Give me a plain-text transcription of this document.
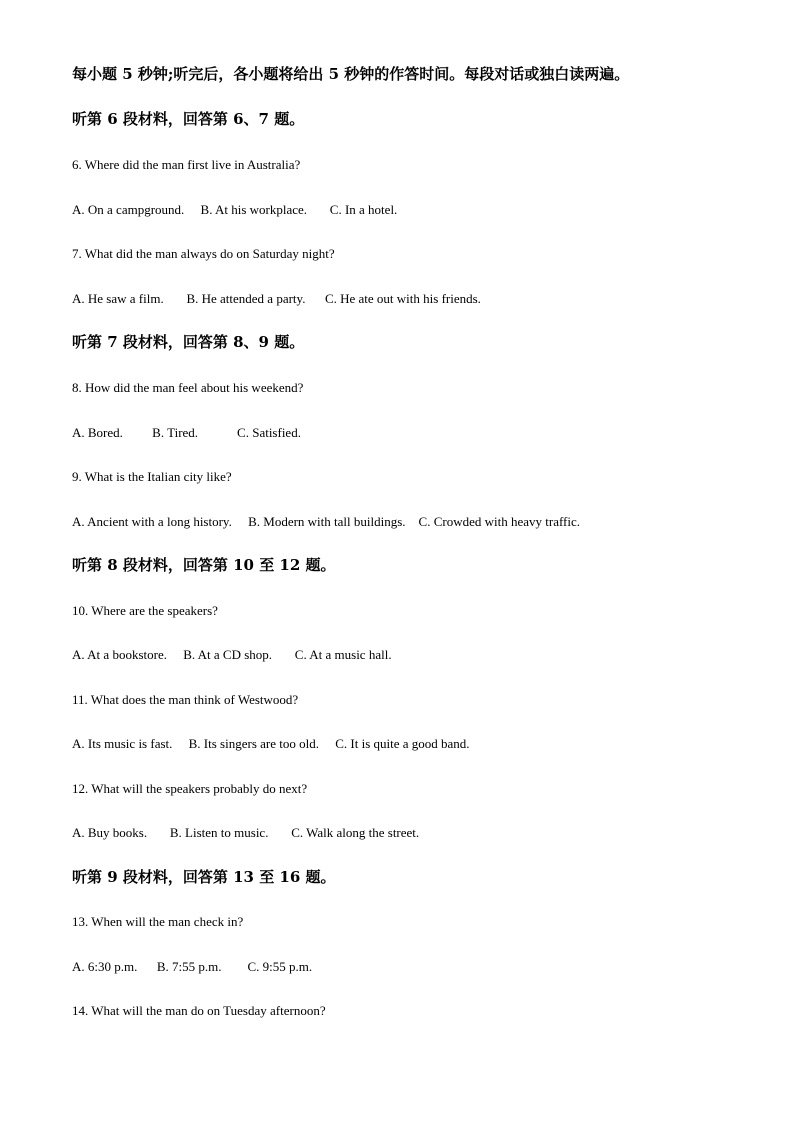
每小题 5 秒钟;听完后，各小题将给出 5 秒钟的作答时间。每段对话或独白读两遍。
听第 6 段材料，回答第 6、7 题。
6. Where did the man first live in Australia?
A. On a campground.     B. At his workplace.       C. In a hotel.
7. What did the man always do on Saturday night?
A. He saw a film.       B. He attended a party.      C. He ate out with his friends.
听第 7 段材料，回答第 8、9 题。
8. How did the man feel about his weekend?
A. Bored.         B. Tired.            C. Satisfied.
9. What is the Italian city like?
A. Ancient with a long history.     B. Modern with tall buildings.    C. Crowded with heavy traffic.
听第 8 段材料，回答第 10 至 12 题。
10. Where are the speakers?
A. At a bookstore.     B. At a CD shop.       C. At a music hall.
11. What does the man think of Westwood?
A. Its music is fast.     B. Its singers are too old.     C. It is quite a good band.
12. What will the speakers probably do next?
A. Buy books.       B. Listen to music.       C. Walk along the street.
听第 9 段材料，回答第 13 至 16 题。
13. When will the man check in?
A. 6:30 p.m.      B. 7:55 p.m.        C. 9:55 p.m.
14. What will the man do on Tuesday afternoon?
